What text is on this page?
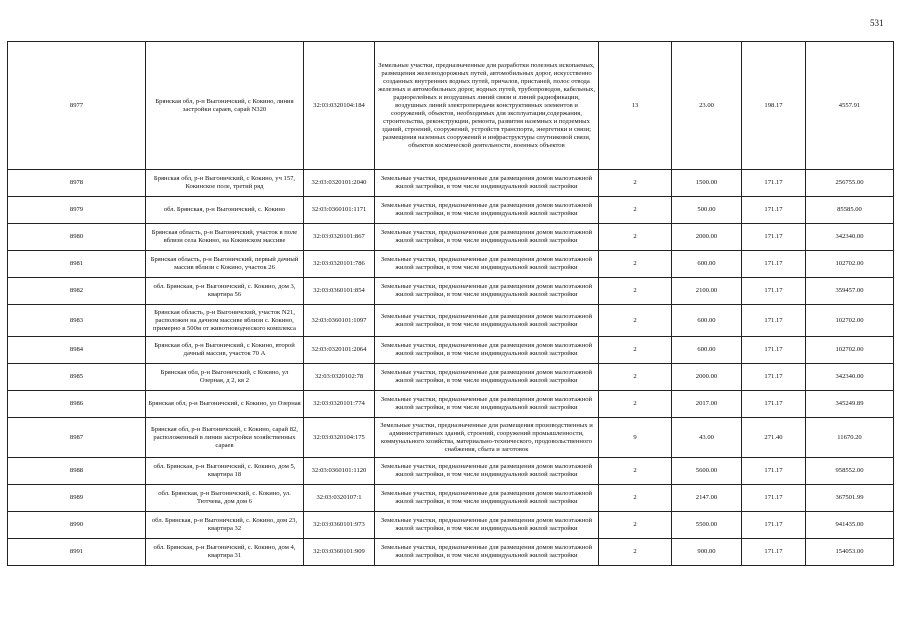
531
8977	Брянская обл, р-н Выгоничский, с Кокино, линия застройки сараев, сарай N320	32:03:0320104:184	Земельные участки, предназначенные для разработки полезных ископаемых, размещения железнодорожных путей, автомобильных дорог, искусственно созданных внутренних водных путей, причалов, пристаней, полос отвода железных и автомобильных дорог, водных путей, трубопроводов, кабельных, радиорелейных и воздушных линий связи и линий радиофикации, воздушных линий электропередачи конструктивных элементов и сооружений, объектов, необходимых для эксплуатации,содержания, строительства, реконструкции, ремонта, развития наземных и подземных зданий, строений, сооружений, устройств транспорта, энергетики и связи; размещения наземных сооружений и инфраструктуры спутниковой связи, объектов космической деятельности, военных объектов	13	23.00	198.17	4557.91
8978	Брянская обл, р-н Выгоничский, с Кокино, уч 157, Кокинское поле, третий ряд	32:03:0320101:2040	Земельные участки, предназначенные для размещения домов малоэтажной жилой застройки, в том числе индивидуальной жилой застройки	2	1500.00	171.17	256755.00
8979	обл. Брянская, р-н Выгоничский, с. Кокино	32:03:0360101:1171	Земельные участки, предназначенные для размещения домов малоэтажной жилой застройки, в том числе индивидуальной жилой застройки	2	500.00	171.17	85585.00
8980	Брянская область, р-н Выгоничский, участок в поле вблизи села Кокино, на Кокинском массиве	32:03:0320101:867	Земельные участки, предназначенные для размещения домов малоэтажной жилой застройки, в том числе индивидуальной жилой застройки	2	2000.00	171.17	342340.00
8981	Брянская область, р-н Выгоничский, первый дачный массив вблизи с Кокино, участок 26	32:03:0320101:786	Земельные участки, предназначенные для размещения домов малоэтажной жилой застройки, в том числе индивидуальной жилой застройки	2	600.00	171.17	102702.00
8982	обл. Брянская, р-н Выгоничский, с. Кокино, дом 3, квартира 56	32:03:0360101:854	Земельные участки, предназначенные для размещения домов малоэтажной жилой застройки, в том числе индивидуальной жилой застройки	2	2100.00	171.17	359457.00
8983	Брянская область, р-н Выгоничский, участок N21, расположен на дачном массиве вблизи с. Кокино, примерно в 500м от животноводческого комплекса	32:03:0360101:1097	Земельные участки, предназначенные для размещения домов малоэтажной жилой застройки, в том числе индивидуальной жилой застройки	2	600.00	171.17	102702.00
8984	Брянская обл, р-н Выгоничский, с Кокино, второй дачный массив, участок 70 А	32:03:0320101:2064	Земельные участки, предназначенные для размещения домов малоэтажной жилой застройки, в том числе индивидуальной жилой застройки	2	600.00	171.17	102702.00
8985	Брянская обл, р-н Выгоничский, с Кокино, ул Озерная, д 2, кв 2	32:03:0320102:78	Земельные участки, предназначенные для размещения домов малоэтажной жилой застройки, в том числе индивидуальной жилой застройки	2	2000.00	171.17	342340.00
8986	Брянская обл, р-н Выгоничский, с Кокино, ул Озерная	32:03:0320101:774	Земельные участки, предназначенные для размещения домов малоэтажной жилой застройки, в том числе индивидуальной жилой застройки	2	2017.00	171.17	345249.89
8987	Брянская обл, р-н Выгоничский, с Кокино, сарай 82, расположенный в линии застройки хозяйственных сараев	32:03:0320104:175	Земельные участки, предназначенные для размещения производственных и административных зданий, строений, сооружений промышленности, коммунального хозяйства, материально-технического, продовольственного снабжения, сбыта и заготовок	9	43.00	271.40	11670.20
8988	обл. Брянская, р-н Выгоничский, с. Кокино, дом 5, квартира 18	32:03:0360101:1120	Земельные участки, предназначенные для размещения домов малоэтажной жилой застройки, в том числе индивидуальной жилой застройки	2	5600.00	171.17	958552.00
8989	обл. Брянская, р-н Выгоничский, с. Кокино, ул. Тютчева, дом дом 6	32:03:0320107:1	Земельные участки, предназначенные для размещения домов малоэтажной жилой застройки, в том числе индивидуальной жилой застройки	2	2147.00	171.17	367501.99
8990	обл. Брянская, р-н Выгоничский, с. Кокино, дом 23, квартира 32	32:03:0360101:973	Земельные участки, предназначенные для размещения домов малоэтажной жилой застройки, в том числе индивидуальной жилой застройки	2	5500.00	171.17	941435.00
8991	обл. Брянская, р-н Выгоничский, с. Кокино, дом 4, квартира 31	32:03:0360101:909	Земельные участки, предназначенные для размещения домов малоэтажной жилой застройки, в том числе индивидуальной жилой застройки	2	900.00	171.17	154053.00
